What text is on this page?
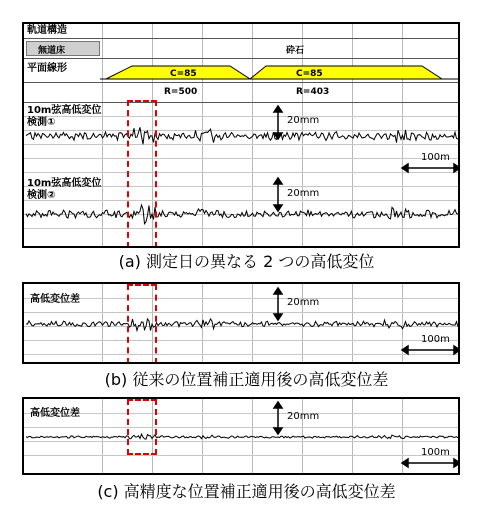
軌道構造
無道床	砕石
平面線形	C=85
R=500
C=85
R=403
10m弦高低変位
検測①
10m弦高低変位
検測②
20mm
20mm
100m
(a) 測定日の異なる 2 つの高低変位
高低変位差	20mm
100m
(b) 従来の位置補正適用後の高低変位差
高低変位差	20mm
100m
(c) 高精度な位置補正適用後の高低変位差
